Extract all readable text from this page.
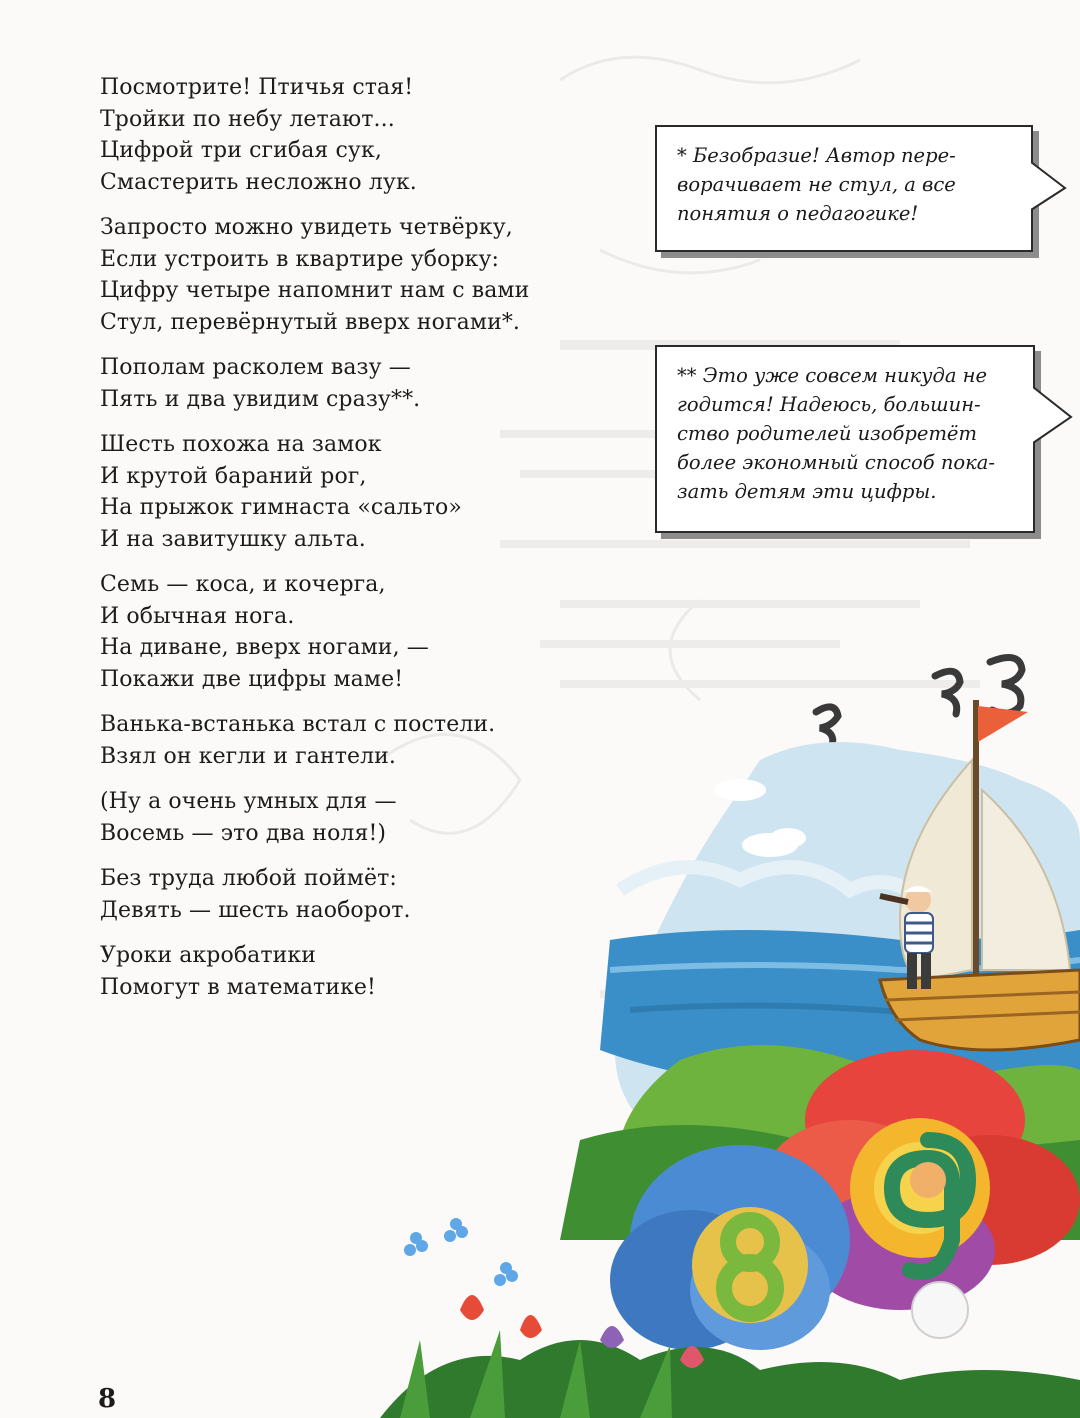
Посмотрите! Птичья стая!
Тройки по небу летают...
Цифрой три сгибая сук,
Смастерить несложно лук.
Запросто можно увидеть четвёрку,
Если устроить в квартире уборку:
Цифру четыре напомнит нам с вами
Стул, перевёрнутый вверх ногами*.
Пополам расколем вазу —
Пять и два увидим сразу**.
Шесть похожа на замок
И крутой бараний рог,
На прыжок гимнаста «сальто»
И на завитушку альта.
Семь — коса, и кочерга,
И обычная нога.
На диване, вверх ногами, —
Покажи две цифры маме!
Ванька-встанька встал с постели.
Взял он кегли и гантели.
(Ну а очень умных для —
Восемь — это два ноля!)
Без труда любой поймёт:
Девять — шесть наоборот.
Уроки акробатики
Помогут в математике!
* Безобразие! Автор пере-
ворачивает не стул, а все
понятия о педагогике!
** Это уже совсем никуда не
годится! Надеюсь, большин-
ство родителей изобретёт
более экономный способ пока-
зать детям эти цифры.
8
